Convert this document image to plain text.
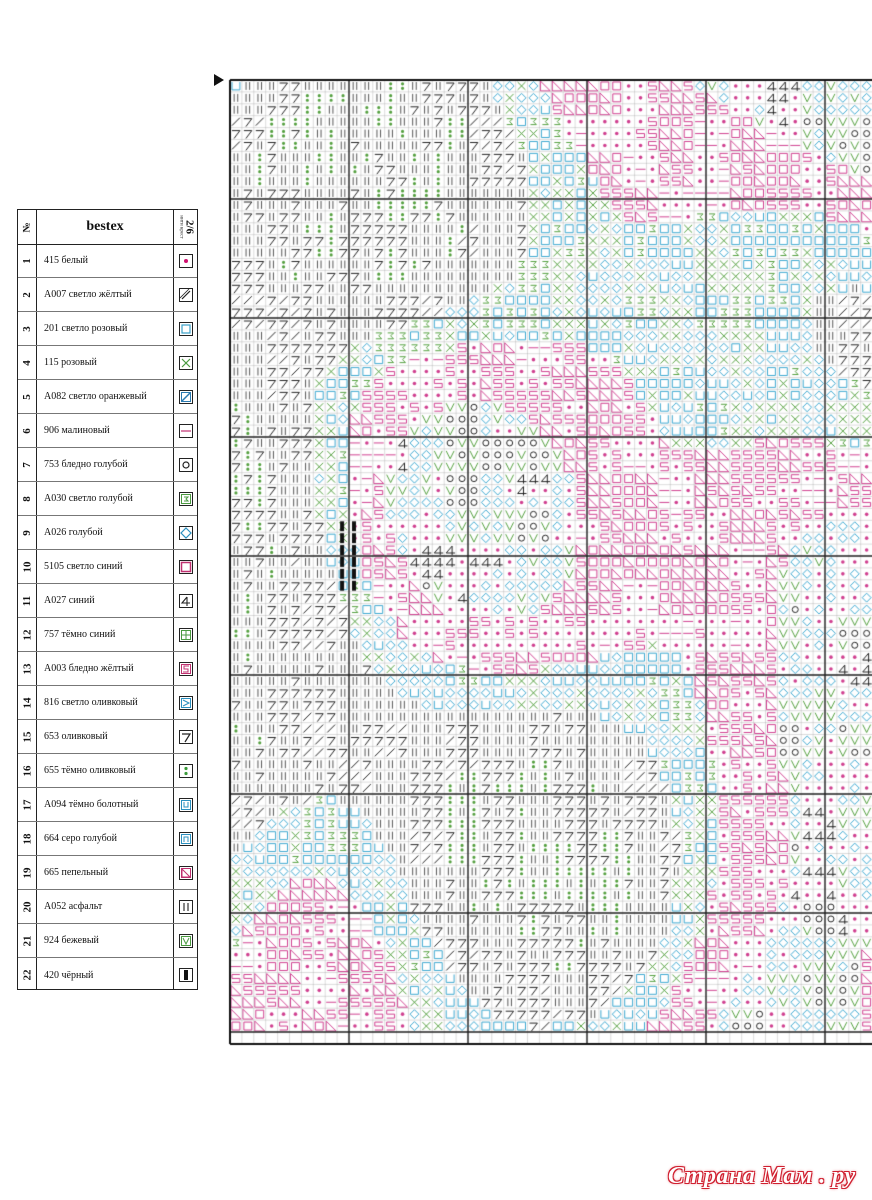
№	bestex	2/6
нити крест
1 415 белый
2 A007 светло жёлтый
3 201 светло розовый
4 115 розовый
5 A082 светло оранжевый
6 906 малиновый
7 753 бледно голубой
8 A030 светло голубой
9 A026 голубой
10 5105 светло синий
11 A027 синий
12 757 тёмно синий
13 A003 бледно жёлтый
14 816 светло оливковый
15 653 оливковый
16 655 тёмно оливковый
17 A094 тёмно болотный
18 664 серо голубой
19 665 пепельный
20 A052 асфальт
21 924 бежевый
22 420 чёрный
Страна Мам . ру
